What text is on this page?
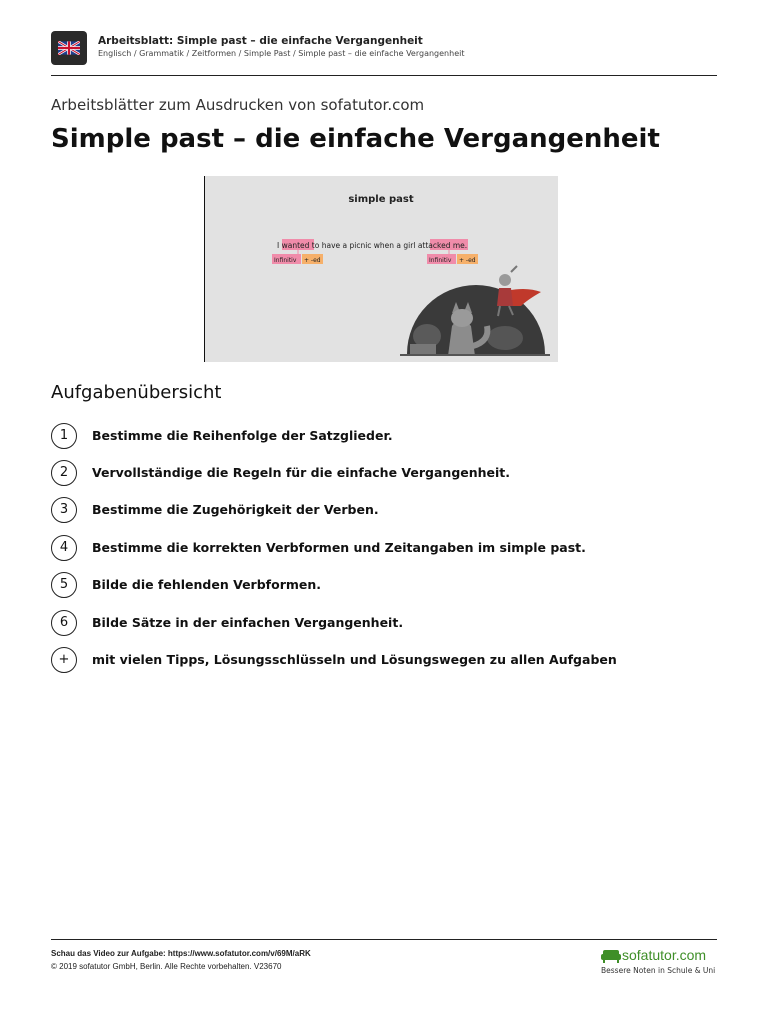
Arbeitsblatt: Simple past – die einfache Vergangenheit
Englisch / Grammatik / Zeitformen / Simple Past / Simple past – die einfache Vergangenheit
Arbeitsblätter zum Ausdrucken von sofatutor.com
Simple past – die einfache Vergangenheit
simple past
I wanted to have a picnic when a girl attacked me.
Infinitiv + -ed	Infinitiv + -ed
Aufgabenübersicht
1	Bestimme die Reihenfolge der Satzglieder.
2	Vervollständige die Regeln für die einfache Vergangenheit.
3	Bestimme die Zugehörigkeit der Verben.
4	Bestimme die korrekten Verbformen und Zeitangaben im simple past.
5	Bilde die fehlenden Verbformen.
6	Bilde Sätze in der einfachen Vergangenheit.
+	mit vielen Tipps, Lösungsschlüsseln und Lösungswegen zu allen Aufgaben
Schau das Video zur Aufgabe: https://www.sofatutor.com/v/69M/aRK
© 2019 sofatutor GmbH, Berlin. Alle Rechte vorbehalten. V23670
sofatutor.com
Bessere Noten in Schule & Uni
